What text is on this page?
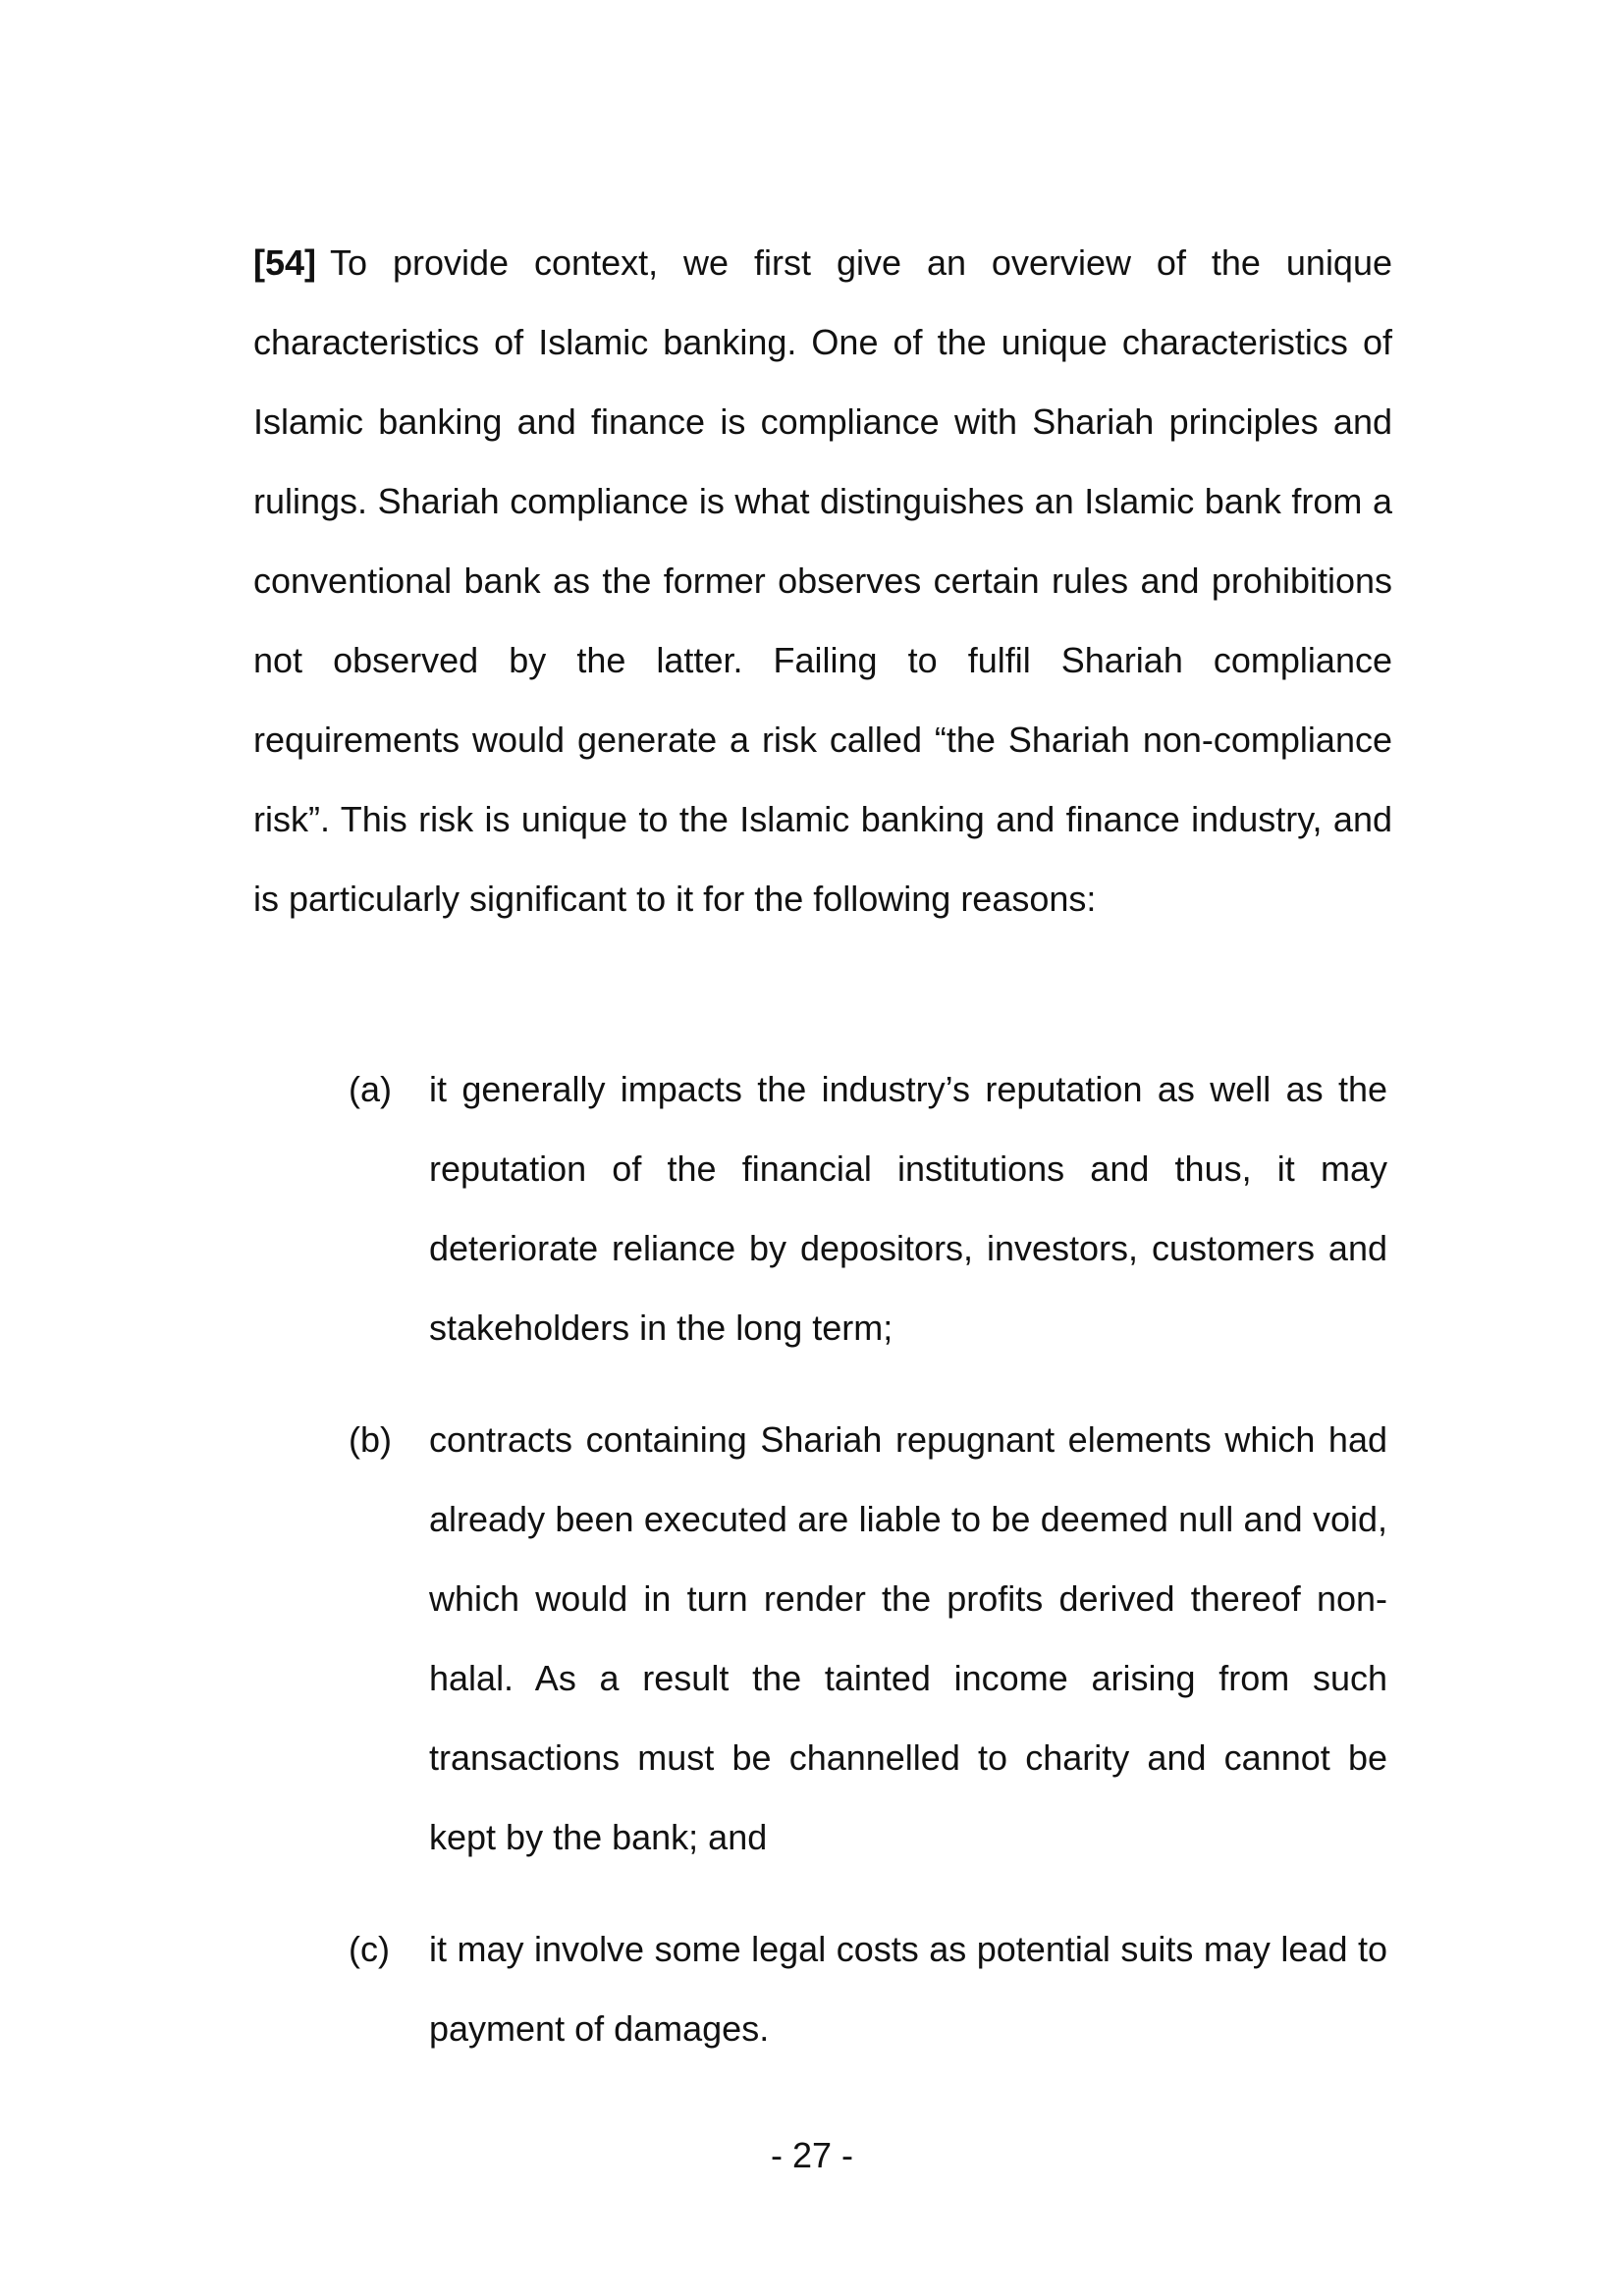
[54] To provide context, we first give an overview of the unique characteristics of Islamic banking. One of the unique characteristics of Islamic banking and finance is compliance with Shariah principles and rulings. Shariah compliance is what distinguishes an Islamic bank from a conventional bank as the former observes certain rules and prohibitions not observed by the latter. Failing to fulfil Shariah compliance requirements would generate a risk called “the Shariah non-compliance risk”. This risk is unique to the Islamic banking and finance industry, and is particularly significant to it for the following reasons:

(a)	it generally impacts the industry’s reputation as well as the reputation of the financial institutions and thus, it may deteriorate reliance by depositors, investors, customers and stakeholders in the long term;

(b)	contracts containing Shariah repugnant elements which had already been executed are liable to be deemed null and void, which would in turn render the profits derived thereof non-halal. As a result the tainted income arising from such transactions must be channelled to charity and cannot be kept by the bank; and

(c)	it may involve some legal costs as potential suits may lead to payment of damages.

- 27 -
